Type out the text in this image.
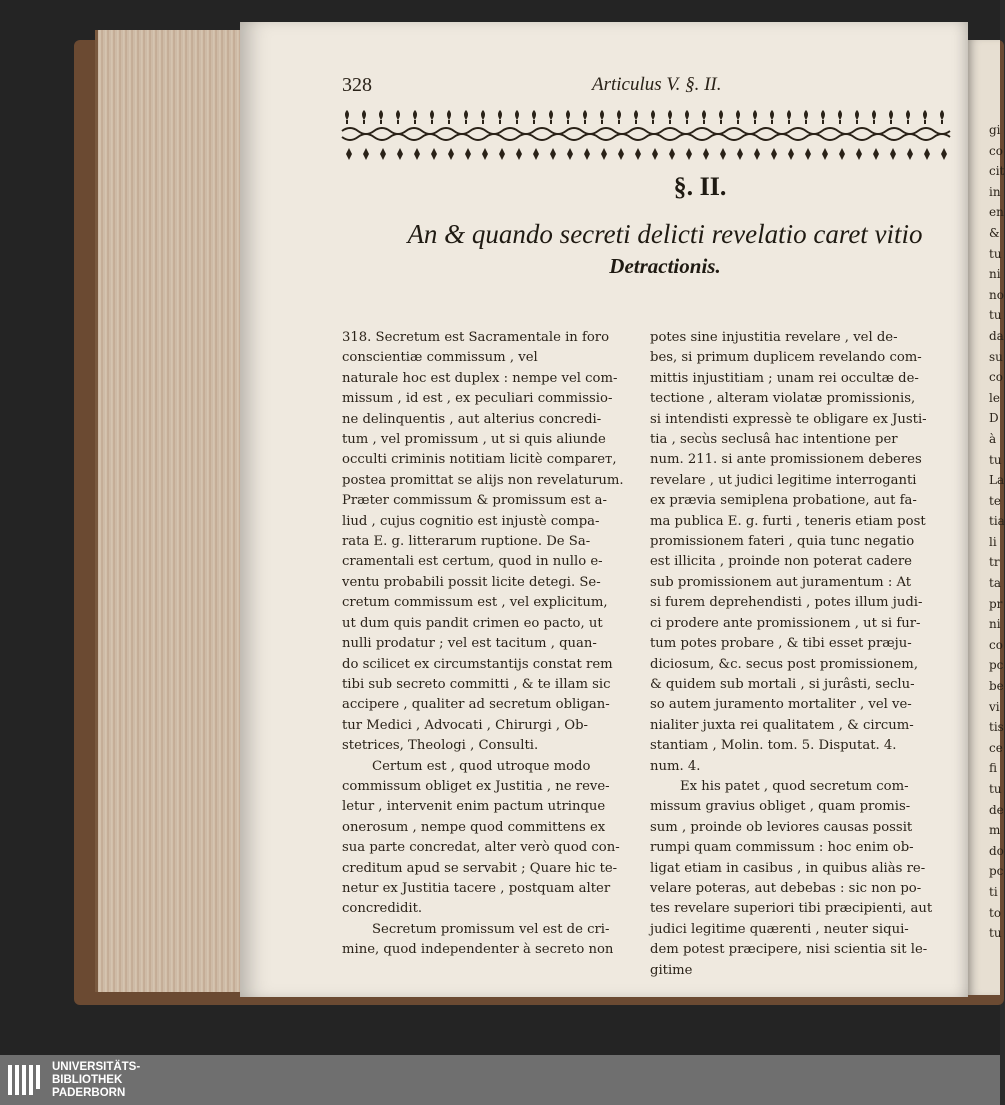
328	Articulus V. §. II.
§. II.
An & quando secreti delicti revelatio caret vitio
Detractionis.
318. Secretum est Sacramentale in foro
conscientiæ commissum , vel
naturale hoc est duplex : nempe vel com-
missum , id est , ex peculiari commissio-
ne delinquentis , aut alterius concredi-
tum , vel promissum , ut si quis aliunde
occulti criminis notitiam licitè compareт,
postea promittat se alijs non revelaturum.
Præter commissum & promissum est a-
liud , cujus cognitio est injustè compa-
rata E. g. litterarum ruptione. De Sa-
cramentali est certum, quod in nullo e-
ventu probabili possit licite detegi. Se-
cretum commissum est , vel explicitum,
ut dum quis pandit crimen eo pacto, ut
nulli prodatur ; vel est tacitum , quan-
do scilicet ex circumstantijs constat rem
tibi sub secreto committi , & te illam sic
accipere , qualiter ad secretum obligan-
tur Medici , Advocati , Chirurgi , Ob-
stetrices, Theologi , Consulti.
Certum est , quod utroque modo
commissum obliget ex Justitia , ne reve-
letur , intervenit enim pactum utrinque
onerosum , nempe quod committens ex
sua parte concredat, alter verò quod con-
creditum apud se servabit ; Quare hic te-
netur ex Justitia tacere , postquam alter
concredidit.
Secretum promissum vel est de cri-
mine, quod independenter à secreto non
potes sine injustitia revelare , vel de-
bes, si primum duplicem revelando com-
mittis injustitiam ; unam rei occultæ de-
tectione , alteram violatæ promissionis,
si intendisti expressè te obligare ex Justi-
tia , secùs seclusâ hac intentione per
num. 211. si ante promissionem deberes
revelare , ut judici legitime interroganti
ex prævia semiplena probatione, aut fa-
ma publica E. g. furti , teneris etiam post
promissionem fateri , quia tunc negatio
est illicita , proinde non poterat cadere
sub promissionem aut juramentum : At
si furem deprehendisti , potes illum judi-
ci prodere ante promissionem , ut si fur-
tum potes probare , & tibi esset præju-
diciosum, &c. secus post promissionem,
& quidem sub mortali , si jurâsti, seclu-
so autem juramento mortaliter , vel ve-
nialiter juxta rei qualitatem , & circum-
stantiam , Molin. tom. 5. Disputat. 4.
num. 4.
Ex his patet , quod secretum com-
missum gravius obliget , quam promis-
sum , proinde ob leviores causas possit
rumpi quam commissum : hoc enim ob-
ligat etiam in casibus , in quibus aliàs re-
velare poteras, aut debebas : sic non po-
tes revelare superiori tibi præcipienti, aut
judici legitime quærenti , neuter siqui-
dem potest præcipere, nisi scientia sit le-
gitime
gi
co
cit
in
en
&
tu
ni
no
tu
da
su
co
le
D
à
tu
La
te
tia
li
tr
ta
pr
ni
co
pc
be
vi
tis
ce
fi
tu
de
m
do
pc
ti
to
tu
UNIVERSITÄTS-
BIBLIOTHEK
PADERBORN
